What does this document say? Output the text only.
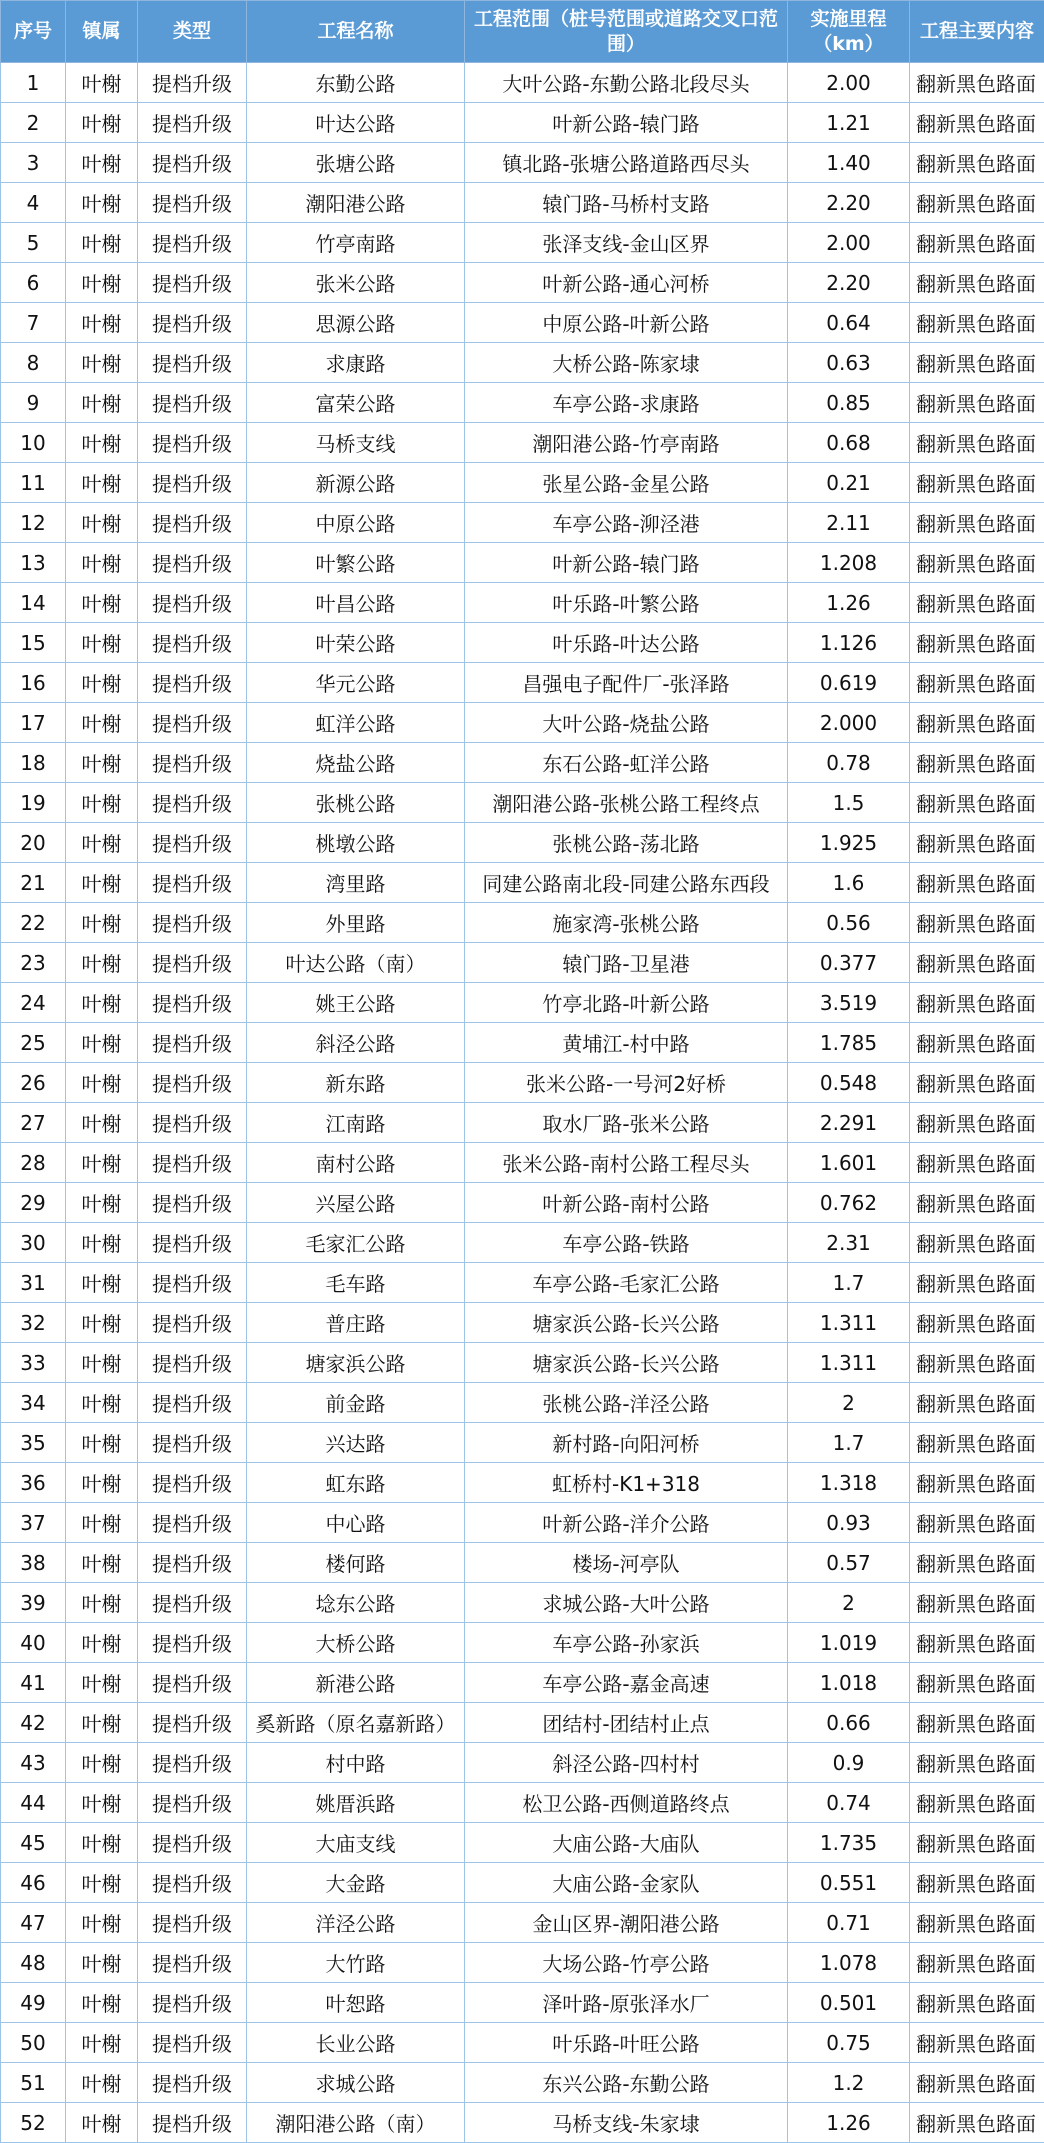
序号	镇属	类型	工程名称	工程范围（桩号范围或道路交叉口范围）	实施里程（km）	工程主要内容
1	叶榭	提档升级	东勤公路	大叶公路-东勤公路北段尽头	2.00	翻新黑色路面
2	叶榭	提档升级	叶达公路	叶新公路-辕门路	1.21	翻新黑色路面
3	叶榭	提档升级	张塘公路	镇北路-张塘公路道路西尽头	1.40	翻新黑色路面
4	叶榭	提档升级	潮阳港公路	辕门路-马桥村支路	2.20	翻新黑色路面
5	叶榭	提档升级	竹亭南路	张泽支线-金山区界	2.00	翻新黑色路面
6	叶榭	提档升级	张米公路	叶新公路-通心河桥	2.20	翻新黑色路面
7	叶榭	提档升级	思源公路	中原公路-叶新公路	0.64	翻新黑色路面
8	叶榭	提档升级	求康路	大桥公路-陈家埭	0.63	翻新黑色路面
9	叶榭	提档升级	富荣公路	车亭公路-求康路	0.85	翻新黑色路面
10	叶榭	提档升级	马桥支线	潮阳港公路-竹亭南路	0.68	翻新黑色路面
11	叶榭	提档升级	新源公路	张星公路-金星公路	0.21	翻新黑色路面
12	叶榭	提档升级	中原公路	车亭公路-泖泾港	2.11	翻新黑色路面
13	叶榭	提档升级	叶繁公路	叶新公路-辕门路	1.208	翻新黑色路面
14	叶榭	提档升级	叶昌公路	叶乐路-叶繁公路	1.26	翻新黑色路面
15	叶榭	提档升级	叶荣公路	叶乐路-叶达公路	1.126	翻新黑色路面
16	叶榭	提档升级	华元公路	昌强电子配件厂-张泽路	0.619	翻新黑色路面
17	叶榭	提档升级	虹洋公路	大叶公路-烧盐公路	2.000	翻新黑色路面
18	叶榭	提档升级	烧盐公路	东石公路-虹洋公路	0.78	翻新黑色路面
19	叶榭	提档升级	张桃公路	潮阳港公路-张桃公路工程终点	1.5	翻新黑色路面
20	叶榭	提档升级	桃墩公路	张桃公路-荡北路	1.925	翻新黑色路面
21	叶榭	提档升级	湾里路	同建公路南北段-同建公路东西段	1.6	翻新黑色路面
22	叶榭	提档升级	外里路	施家湾-张桃公路	0.56	翻新黑色路面
23	叶榭	提档升级	叶达公路（南）	辕门路-卫星港	0.377	翻新黑色路面
24	叶榭	提档升级	姚王公路	竹亭北路-叶新公路	3.519	翻新黑色路面
25	叶榭	提档升级	斜泾公路	黄埔江-村中路	1.785	翻新黑色路面
26	叶榭	提档升级	新东路	张米公路-一号河2好桥	0.548	翻新黑色路面
27	叶榭	提档升级	江南路	取水厂路-张米公路	2.291	翻新黑色路面
28	叶榭	提档升级	南村公路	张米公路-南村公路工程尽头	1.601	翻新黑色路面
29	叶榭	提档升级	兴屋公路	叶新公路-南村公路	0.762	翻新黑色路面
30	叶榭	提档升级	毛家汇公路	车亭公路-铁路	2.31	翻新黑色路面
31	叶榭	提档升级	毛车路	车亭公路-毛家汇公路	1.7	翻新黑色路面
32	叶榭	提档升级	普庄路	塘家浜公路-长兴公路	1.311	翻新黑色路面
33	叶榭	提档升级	塘家浜公路	塘家浜公路-长兴公路	1.311	翻新黑色路面
34	叶榭	提档升级	前金路	张桃公路-洋泾公路	2	翻新黑色路面
35	叶榭	提档升级	兴达路	新村路-向阳河桥	1.7	翻新黑色路面
36	叶榭	提档升级	虹东路	虹桥村-K1+318	1.318	翻新黑色路面
37	叶榭	提档升级	中心路	叶新公路-洋介公路	0.93	翻新黑色路面
38	叶榭	提档升级	楼何路	楼场-河亭队	0.57	翻新黑色路面
39	叶榭	提档升级	埝东公路	求城公路-大叶公路	2	翻新黑色路面
40	叶榭	提档升级	大桥公路	车亭公路-孙家浜	1.019	翻新黑色路面
41	叶榭	提档升级	新港公路	车亭公路-嘉金高速	1.018	翻新黑色路面
42	叶榭	提档升级	奚新路（原名嘉新路）	团结村-团结村止点	0.66	翻新黑色路面
43	叶榭	提档升级	村中路	斜泾公路-四村村	0.9	翻新黑色路面
44	叶榭	提档升级	姚厝浜路	松卫公路-西侧道路终点	0.74	翻新黑色路面
45	叶榭	提档升级	大庙支线	大庙公路-大庙队	1.735	翻新黑色路面
46	叶榭	提档升级	大金路	大庙公路-金家队	0.551	翻新黑色路面
47	叶榭	提档升级	洋泾公路	金山区界-潮阳港公路	0.71	翻新黑色路面
48	叶榭	提档升级	大竹路	大场公路-竹亭公路	1.078	翻新黑色路面
49	叶榭	提档升级	叶恕路	泽叶路-原张泽水厂	0.501	翻新黑色路面
50	叶榭	提档升级	长业公路	叶乐路-叶旺公路	0.75	翻新黑色路面
51	叶榭	提档升级	求城公路	东兴公路-东勤公路	1.2	翻新黑色路面
52	叶榭	提档升级	潮阳港公路（南）	马桥支线-朱家埭	1.26	翻新黑色路面
